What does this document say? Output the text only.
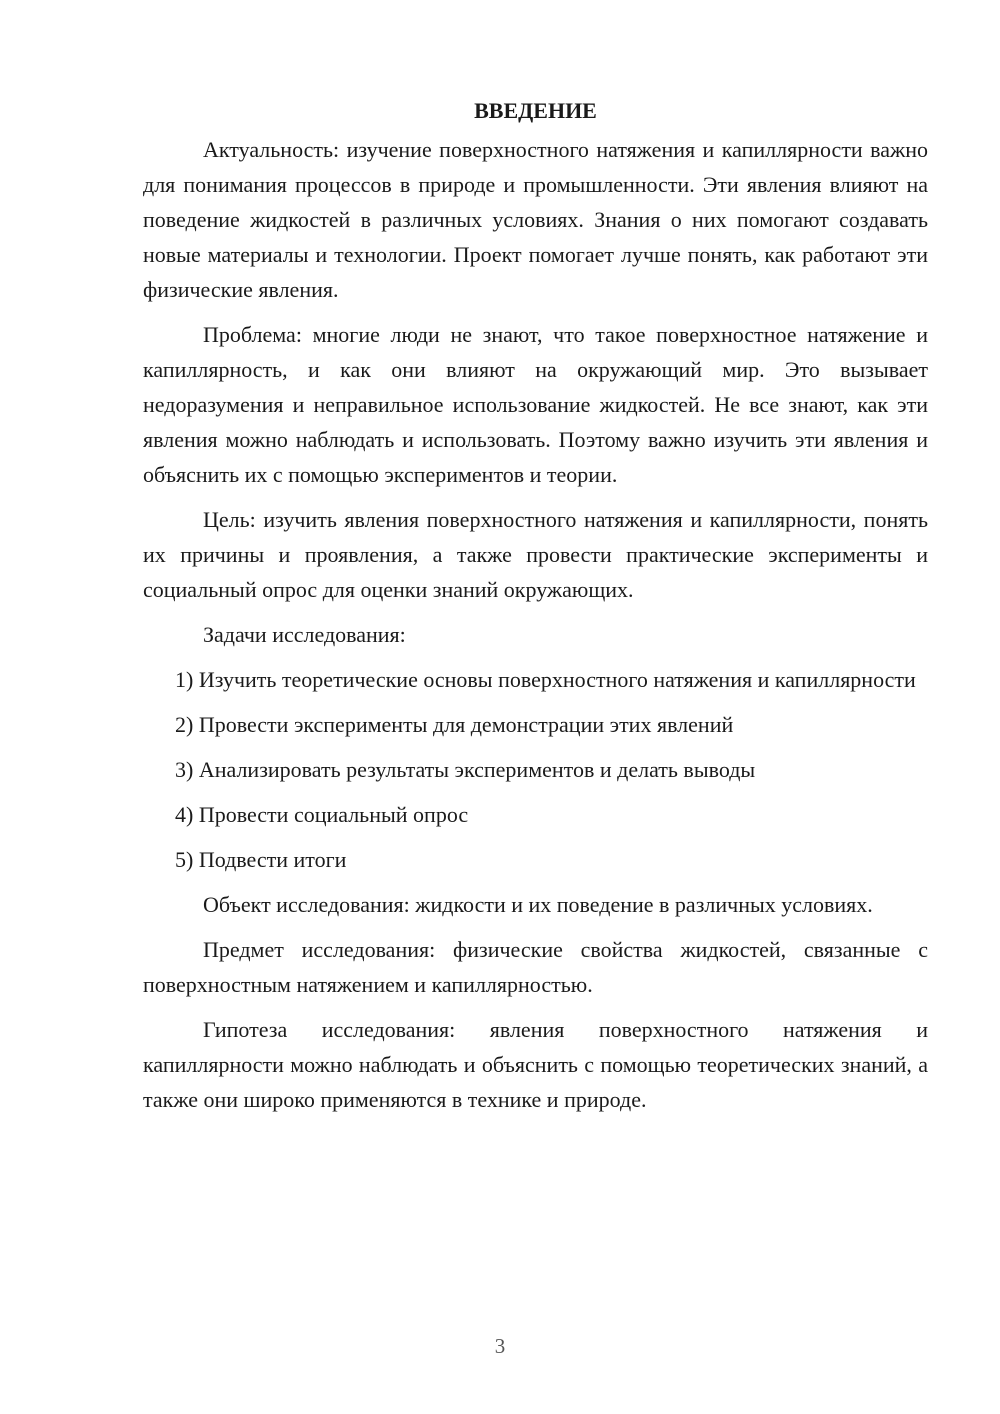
ВВЕДЕНИЕ

Актуальность: изучение поверхностного натяжения и капиллярности важно для понимания процессов в природе и промышленности. Эти явления влияют на поведение жидкостей в различных условиях. Знания о них помогают создавать новые материалы и технологии. Проект помогает лучше понять, как работают эти физические явления.

Проблема: многие люди не знают, что такое поверхностное натяжение и капиллярность, и как они влияют на окружающий мир. Это вызывает недоразумения и неправильное использование жидкостей. Не все знают, как эти явления можно наблюдать и использовать. Поэтому важно изучить эти явления и объяснить их с помощью экспериментов и теории.

Цель: изучить явления поверхностного натяжения и капиллярности, понять их причины и проявления, а также провести практические эксперименты и социальный опрос для оценки знаний окружающих.

Задачи исследования:

1) Изучить теоретические основы поверхностного натяжения и капиллярности

2) Провести эксперименты для демонстрации этих явлений

3) Анализировать результаты экспериментов и делать выводы

4) Провести социальный опрос

5) Подвести итоги

Объект исследования: жидкости и их поведение в различных условиях.

Предмет исследования: физические свойства жидкостей, связанные с поверхностным натяжением и капиллярностью.

Гипотеза исследования: явления поверхностного натяжения и капиллярности можно наблюдать и объяснить с помощью теоретических знаний, а также они широко применяются в технике и природе.

3
